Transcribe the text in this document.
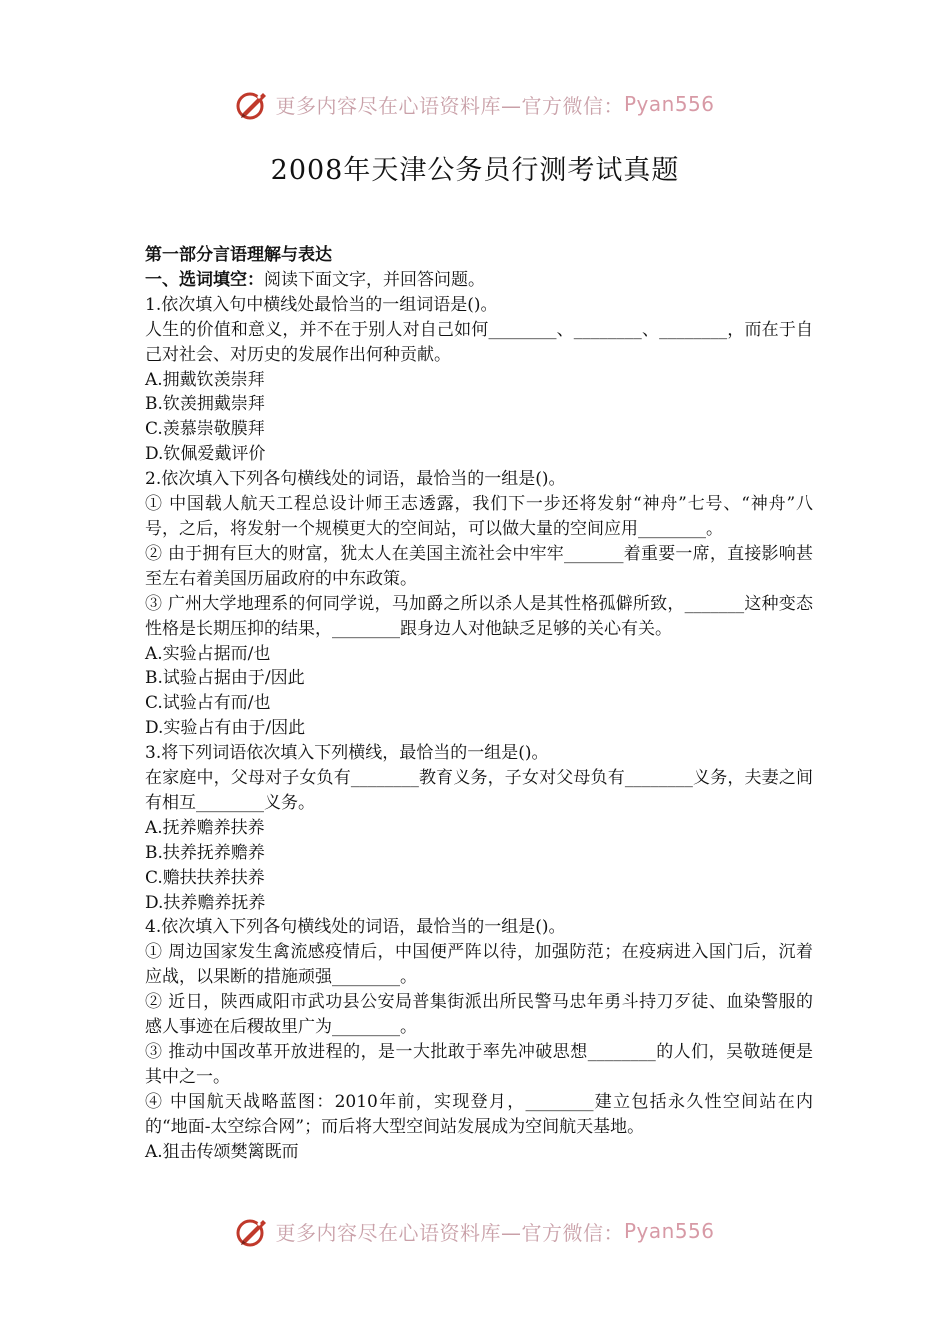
更多内容尽在心语资料库—官方微信： Pyan556
2008年天津公务员行测考试真题

第一部分言语理解与表达

一、选词填空：阅读下面文字，并回答问题。

1.依次填入句中横线处最恰当的一组词语是()。

人生的价值和意义，并不在于别人对自己如何________、________、________，而在于自己对社会、对历史的发展作出何种贡献。

A.拥戴钦羡崇拜

B.钦羡拥戴崇拜

C.羡慕崇敬膜拜

D.钦佩爱戴评价

2.依次填入下列各句横线处的词语，最恰当的一组是()。

① 中国载人航天工程总设计师王志透露，我们下一步还将发射“神舟”七号、“神舟”八号，之后，将发射一个规模更大的空间站，可以做大量的空间应用________。

② 由于拥有巨大的财富，犹太人在美国主流社会中牢牢_______着重要一席，直接影响甚至左右着美国历届政府的中东政策。

③ 广州大学地理系的何同学说，马加爵之所以杀人是其性格孤僻所致，_______这种变态性格是长期压抑的结果，________跟身边人对他缺乏足够的关心有关。

A.实验占据而/也

B.试验占据由于/因此

C.试验占有而/也

D.实验占有由于/因此

3.将下列词语依次填入下列横线，最恰当的一组是()。

在家庭中，父母对子女负有________教育义务，子女对父母负有________义务，夫妻之间有相互________义务。

A.抚养赡养扶养

B.扶养抚养赡养

C.赡扶扶养扶养

D.扶养赡养抚养

4.依次填入下列各句横线处的词语，最恰当的一组是()。

① 周边国家发生禽流感疫情后，中国便严阵以待，加强防范；在疫病进入国门后，沉着应战，以果断的措施顽强________。

② 近日，陕西咸阳市武功县公安局普集街派出所民警马忠年勇斗持刀歹徒、血染警服的感人事迹在后稷故里广为________。

③ 推动中国改革开放进程的，是一大批敢于率先冲破思想________的人们，吴敬琏便是其中之一。

④ 中国航天战略蓝图：2010年前，实现登月，________建立包括永久性空间站在内的“地面-太空综合网”；而后将大型空间站发展成为空间航天基地。

A.狙击传颂樊篱既而

更多内容尽在心语资料库—官方微信： Pyan556
